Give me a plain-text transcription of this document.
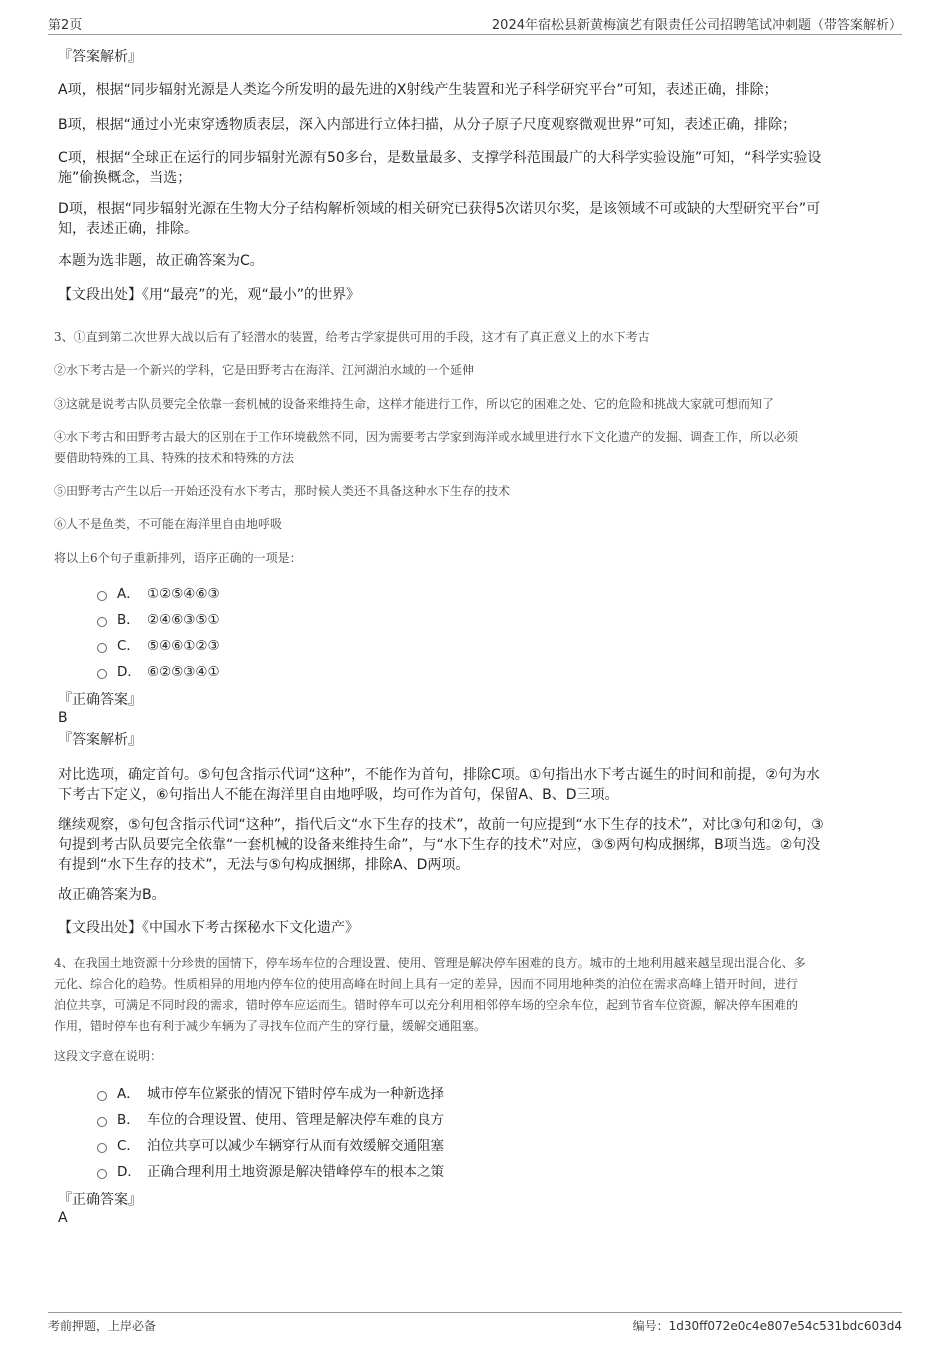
第2页	2024年宿松县新黄梅演艺有限责任公司招聘笔试冲刺题（带答案解析）
『答案解析』
A项，根据“同步辐射光源是人类迄今所发明的最先进的X射线产生装置和光子科学研究平台”可知，表述正确，排除；
B项，根据“通过小光束穿透物质表层，深入内部进行立体扫描，从分子原子尺度观察微观世界”可知，表述正确，排除；
C项，根据“全球正在运行的同步辐射光源有50多台，是数量最多、支撑学科范围最广的大科学实验设施”可知，“科学实验设
施”偷换概念，当选；
D项，根据“同步辐射光源在生物大分子结构解析领域的相关研究已获得5次诺贝尔奖，是该领域不可或缺的大型研究平台”可
知，表述正确，排除。
本题为选非题，故正确答案为C。
【文段出处】《用“最亮”的光，观“最小”的世界》
3、①直到第二次世界大战以后有了轻潜水的装置，给考古学家提供可用的手段，这才有了真正意义上的水下考古
②水下考古是一个新兴的学科，它是田野考古在海洋、江河湖泊水域的一个延伸
③这就是说考古队员要完全依靠一套机械的设备来维持生命，这样才能进行工作，所以它的困难之处、它的危险和挑战大家就可想而知了
④水下考古和田野考古最大的区别在于工作环境截然不同，因为需要考古学家到海洋或水域里进行水下文化遗产的发掘、调查工作，所以必须
要借助特殊的工具、特殊的技术和特殊的方法
⑤田野考古产生以后一开始还没有水下考古，那时候人类还不具备这种水下生存的技术
⑥人不是鱼类，不可能在海洋里自由地呼吸
将以上6个句子重新排列，语序正确的一项是：
A． ①②⑤④⑥③
B． ②④⑥③⑤①
C． ⑤④⑥①②③
D． ⑥②⑤③④①
『正确答案』
B
『答案解析』
对比选项，确定首句。⑤句包含指示代词“这种”，不能作为首句，排除C项。①句指出水下考古诞生的时间和前提，②句为水
下考古下定义，⑥句指出人不能在海洋里自由地呼吸，均可作为首句，保留A、B、D三项。
继续观察，⑤句包含指示代词“这种”，指代后文“水下生存的技术”，故前一句应提到“水下生存的技术”，对比③句和②句，③
句提到考古队员要完全依靠“一套机械的设备来维持生命”，与“水下生存的技术”对应，③⑤两句构成捆绑，B项当选。②句没
有提到“水下生存的技术”，无法与⑤句构成捆绑，排除A、D两项。
故正确答案为B。
【文段出处】《中国水下考古探秘水下文化遗产》
4、在我国土地资源十分珍贵的国情下，停车场车位的合理设置、使用、管理是解决停车困难的良方。城市的土地利用越来越呈现出混合化、多
元化、综合化的趋势。性质相异的用地内停车位的使用高峰在时间上具有一定的差异，因而不同用地种类的泊位在需求高峰上错开时间，进行
泊位共享，可满足不同时段的需求，错时停车应运而生。错时停车可以充分利用相邻停车场的空余车位，起到节省车位资源，解决停车困难的
作用，错时停车也有利于减少车辆为了寻找车位而产生的穿行量，缓解交通阻塞。
这段文字意在说明：
A． 城市停车位紧张的情况下错时停车成为一种新选择
B． 车位的合理设置、使用、管理是解决停车难的良方
C． 泊位共享可以减少车辆穿行从而有效缓解交通阻塞
D． 正确合理利用土地资源是解决错峰停车的根本之策
『正确答案』
A
考前押题，上岸必备	编号：1d30ff072e0c4e807e54c531bdc603d4
